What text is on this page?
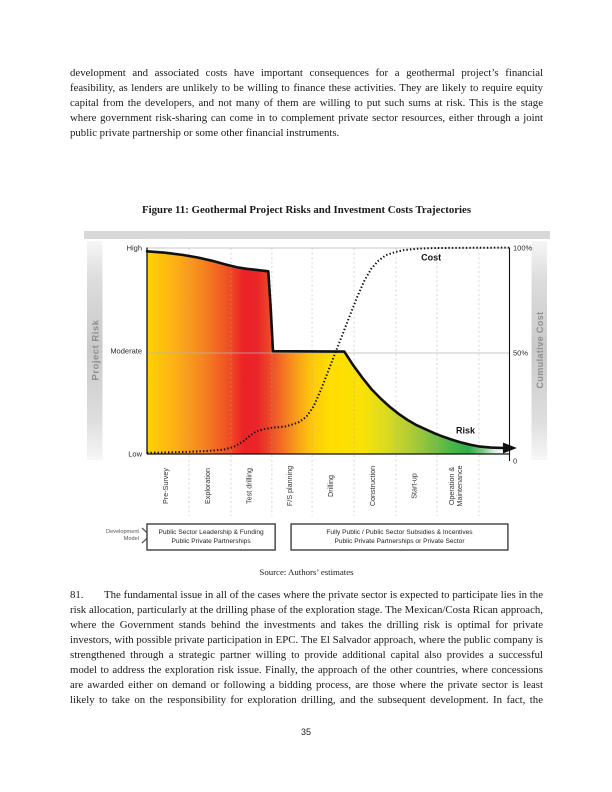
development and associated costs have important consequences for a geothermal project’s financial feasibility, as lenders are unlikely to be willing to finance these activities. They are likely to require equity capital from the developers, and not many of them are willing to put such sums at risk. This is the stage where government risk-sharing can come in to complement private sector resources, either through a joint public private partnership or some other financial instruments.

Figure 11: Geothermal Project Risks and Investment Costs Trajectories
Project Risk	Cumulative Cost
Risk
Cost
High
Moderate
Low
100%
50%
0
Pre-Survey	Exploration	Test drilling	F/S planning	Drilling	Construction	Start-up	Operation &
Maintenance
Development
Model
Public Sector Leadership & Funding
Public Private Partnerships
Fully Public / Public Sector Subsidies & Incentives
Public Private Partnerships or Private Sector
Source: Authors’ estimates

81. The fundamental issue in all of the cases where the private sector is expected to participate lies in the risk allocation, particularly at the drilling phase of the exploration stage. The Mexican/Costa Rican approach, where the Government stands behind the investments and takes the drilling risk is optimal for private investors, with possible private participation in EPC. The El Salvador approach, where the public company is strengthened through a strategic partner willing to provide additional capital also provides a successful model to address the exploration risk issue. Finally, the approach of the other countries, where concessions are awarded either on demand or following a bidding process, are those where the private sector is least likely to take on the responsibility for exploration drilling, and the subsequent development. In fact, the

35
